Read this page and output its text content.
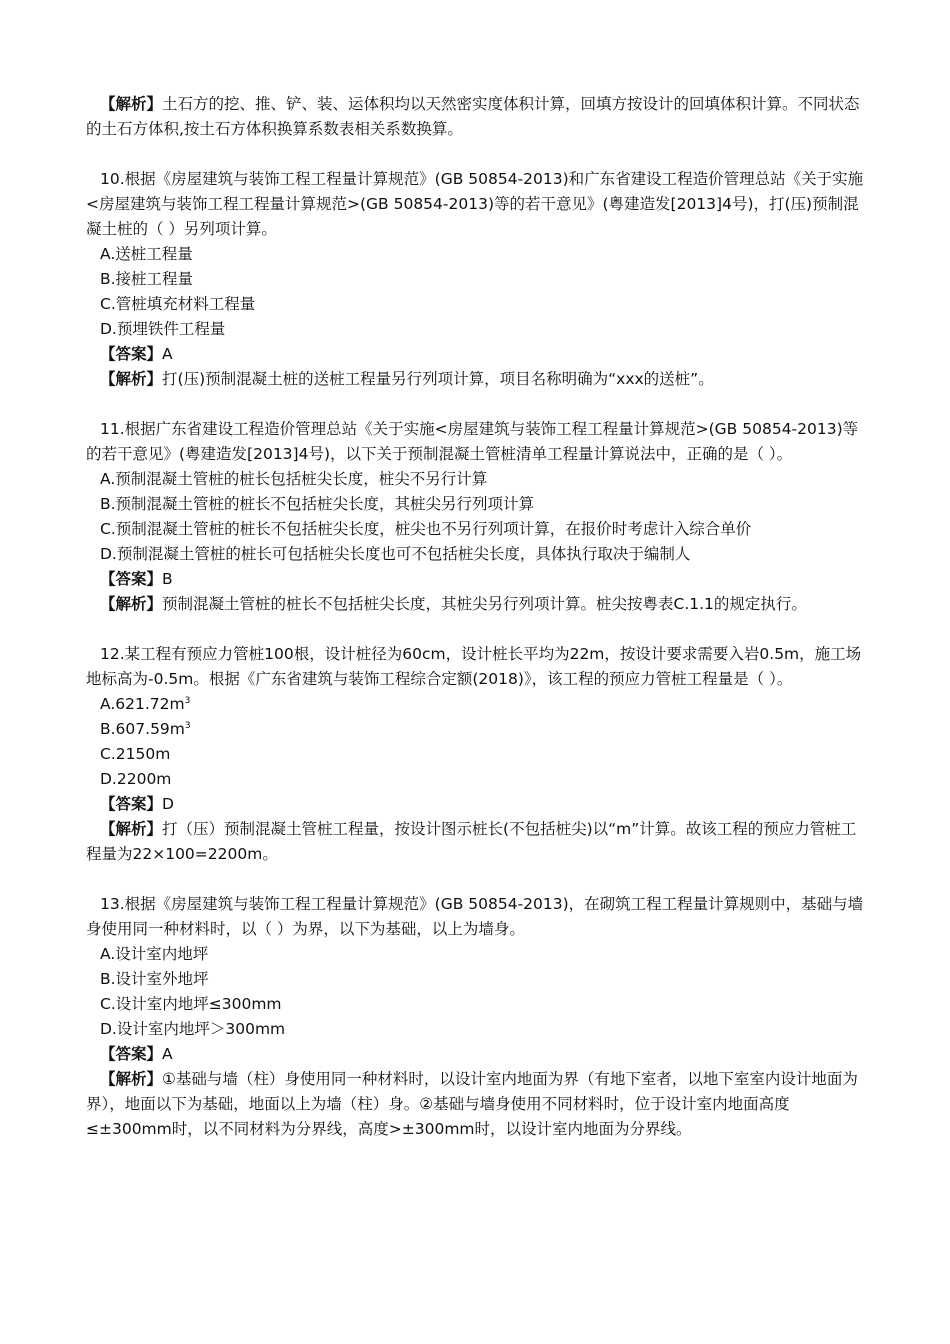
【解析】土石方的挖、推、铲、装、运体积均以天然密实度体积计算，回填方按设计的回填体积计算。不同状态的土石方体积,按土石方体积换算系数表相关系数换算。
10.根据《房屋建筑与装饰工程工程量计算规范》(GB 50854-2013)和广东省建设工程造价管理总站《关于实施<房屋建筑与装饰工程工程量计算规范>(GB 50854-2013)等的若干意见》(粤建造发[2013]4号)，打(压)预制混凝土桩的（ ）另列项计算。
A.送桩工程量
B.接桩工程量
C.管桩填充材料工程量
D.预埋铁件工程量
【答案】A
【解析】打(压)预制混凝土桩的送桩工程量另行列项计算，项目名称明确为“xxx的送桩”。
11.根据广东省建设工程造价管理总站《关于实施<房屋建筑与装饰工程工程量计算规范>(GB 50854-2013)等的若干意见》(粤建造发[2013]4号)，以下关于预制混凝土管桩清单工程量计算说法中，正确的是（ ）。
A.预制混凝土管桩的桩长包括桩尖长度，桩尖不另行计算
B.预制混凝土管桩的桩长不包括桩尖长度，其桩尖另行列项计算
C.预制混凝土管桩的桩长不包括桩尖长度，桩尖也不另行列项计算，在报价时考虑计入综合单价
D.预制混凝土管桩的桩长可包括桩尖长度也可不包括桩尖长度，具体执行取决于编制人
【答案】B
【解析】预制混凝土管桩的桩长不包括桩尖长度，其桩尖另行列项计算。桩尖按粤表C.1.1的规定执行。
12.某工程有预应力管桩100根，设计桩径为60cm，设计桩长平均为22m，按设计要求需要入岩0.5m，施工场地标高为-0.5m。根据《广东省建筑与装饰工程综合定额(2018)》，该工程的预应力管桩工程量是（ ）。
$A.621.72m^3$
$B.607.59m^3$
C.2150m
D.2200m
【答案】D
【解析】打（压）预制混凝土管桩工程量，按设计图示桩长(不包括桩尖)以“m”计算。故该工程的预应力管桩工程量为22×100=2200m。
13.根据《房屋建筑与装饰工程工程量计算规范》(GB 50854-2013)，在砌筑工程工程量计算规则中，基础与墙身使用同一种材料时，以（ ）为界，以下为基础，以上为墙身。
A.设计室内地坪
B.设计室外地坪
C.设计室内地坪≤300mm
D.设计室内地坪＞300mm
【答案】A
【解析】①基础与墙（柱）身使用同一种材料时，以设计室内地面为界（有地下室者，以地下室室内设计地面为界），地面以下为基础，地面以上为墙（柱）身。②基础与墙身使用不同材料时，位于设计室内地面高度≤±300mm时，以不同材料为分界线，高度>±300mm时，以设计室内地面为分界线。
